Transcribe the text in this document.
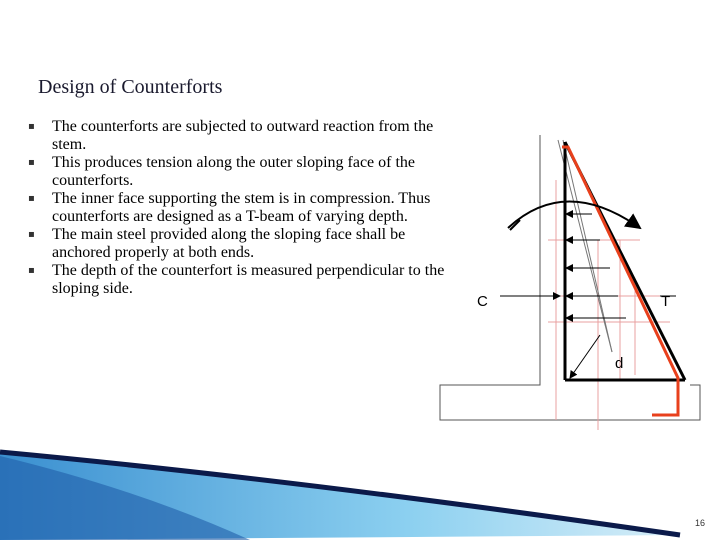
Design of Counterforts
▪ The counterforts are subjected to outward reaction from the stem.
▪ This produces tension along the outer sloping face of the counterforts.
▪ The inner face supporting the stem is in compression. Thus counterforts are designed as a T-beam of varying depth.
▪ The main steel provided along the sloping face shall be anchored properly at both ends.
▪ The depth of the counterfort is measured perpendicular to the sloping side.
C	T
d
16
